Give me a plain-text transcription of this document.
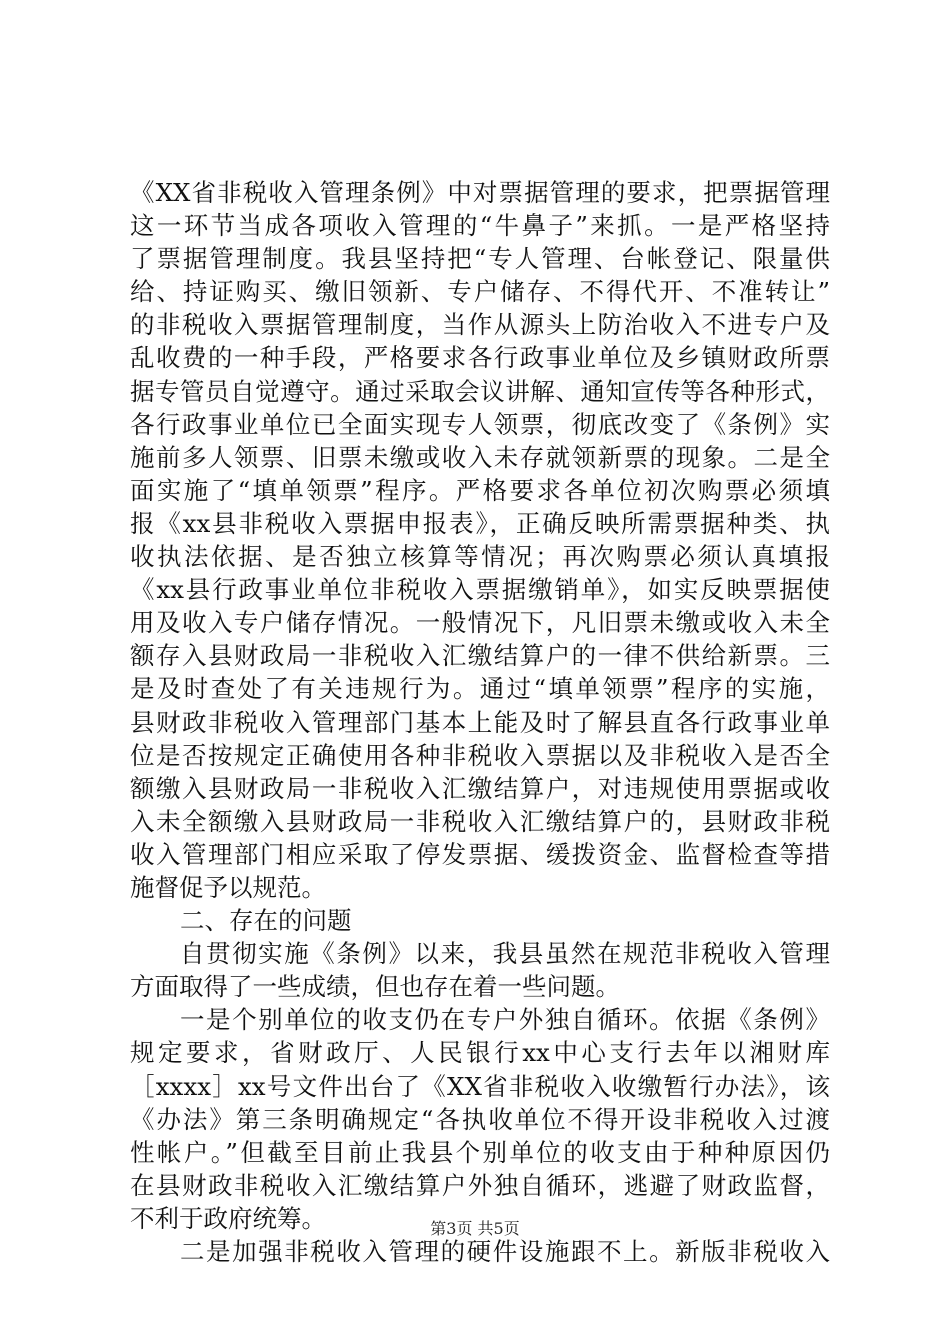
《XX省非税收入管理条例》中对票据管理的要求，把票据管理
这一环节当成各项收入管理的“牛鼻子”来抓。一是严格坚持
了票据管理制度。我县坚持把“专人管理、台帐登记、限量供
给、持证购买、缴旧领新、专户储存、不得代开、不准转让”
的非税收入票据管理制度，当作从源头上防治收入不进专户及
乱收费的一种手段，严格要求各行政事业单位及乡镇财政所票
据专管员自觉遵守。通过采取会议讲解、通知宣传等各种形式，
各行政事业单位已全面实现专人领票，彻底改变了《条例》实
施前多人领票、旧票未缴或收入未存就领新票的现象。二是全
面实施了“填单领票”程序。严格要求各单位初次购票必须填
报《xx县非税收入票据申报表》，正确反映所需票据种类、执
收执法依据、是否独立核算等情况；再次购票必须认真填报
《xx县行政事业单位非税收入票据缴销单》，如实反映票据使
用及收入专户储存情况。一般情况下，凡旧票未缴或收入未全
额存入县财政局一非税收入汇缴结算户的一律不供给新票。三
是及时查处了有关违规行为。通过“填单领票”程序的实施，
县财政非税收入管理部门基本上能及时了解县直各行政事业单
位是否按规定正确使用各种非税收入票据以及非税收入是否全
额缴入县财政局一非税收入汇缴结算户，对违规使用票据或收
入未全额缴入县财政局一非税收入汇缴结算户的，县财政非税
收入管理部门相应采取了停发票据、缓拨资金、监督检查等措
施督促予以规范。
二、存在的问题
自贯彻实施《条例》以来，我县虽然在规范非税收入管理
方面取得了一些成绩，但也存在着一些问题。
一是个别单位的收支仍在专户外独自循环。依据《条例》
规定要求，省财政厅、人民银行xx中心支行去年以湘财库
［xxxx］xx号文件出台了《XX省非税收入收缴暂行办法》，该
《办法》第三条明确规定“各执收单位不得开设非税收入过渡
性帐户。”但截至目前止我县个别单位的收支由于种种原因仍
在县财政非税收入汇缴结算户外独自循环，逃避了财政监督，
不利于政府统筹。
二是加强非税收入管理的硬件设施跟不上。新版非税收入
第3页 共5页
